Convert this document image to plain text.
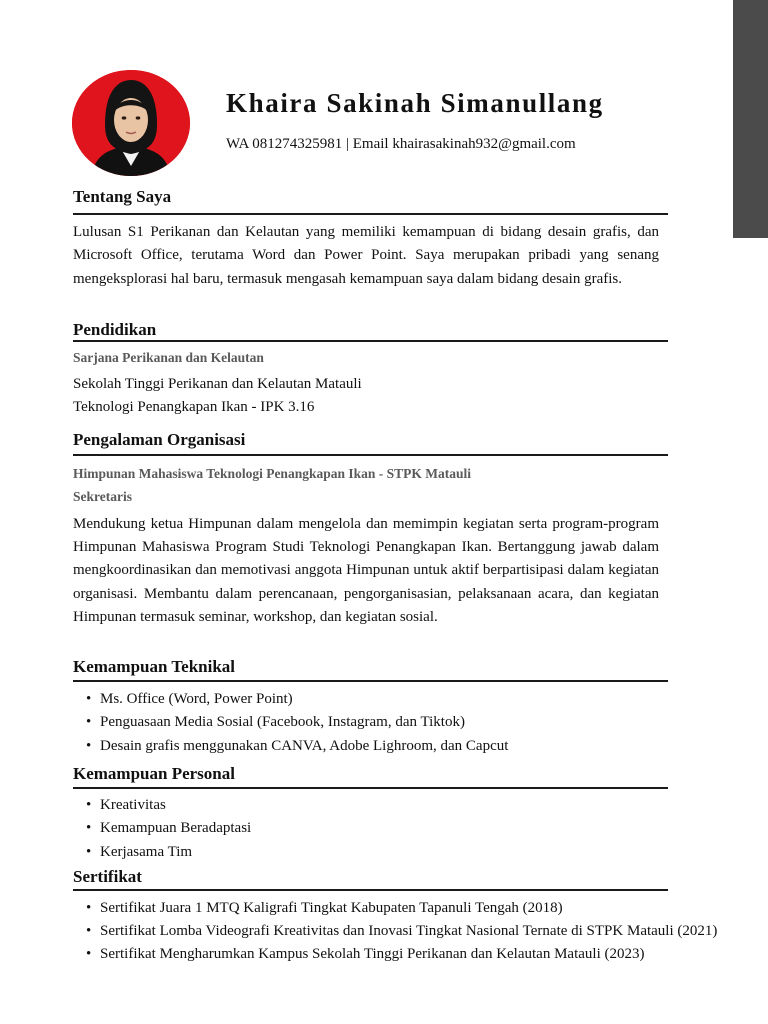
Khaira Sakinah Simanullang
WA 081274325981 | Email khairasakinah932@gmail.com
Tentang Saya
Lulusan S1 Perikanan dan Kelautan yang memiliki kemampuan di bidang desain grafis, dan Microsoft Office, terutama Word dan Power Point. Saya merupakan pribadi yang senang mengeksplorasi hal baru, termasuk mengasah kemampuan saya dalam bidang desain grafis.
Pendidikan
Sarjana Perikanan dan Kelautan
Sekolah Tinggi Perikanan dan Kelautan Matauli
Teknologi Penangkapan Ikan - IPK 3.16
Pengalaman Organisasi
Himpunan Mahasiswa Teknologi Penangkapan Ikan - STPK Matauli
Sekretaris
Mendukung ketua Himpunan dalam mengelola dan memimpin kegiatan serta program-program Himpunan Mahasiswa Program Studi Teknologi Penangkapan Ikan. Bertanggung jawab dalam mengkoordinasikan dan memotivasi anggota Himpunan untuk aktif berpartisipasi dalam kegiatan organisasi. Membantu dalam perencanaan, pengorganisasian, pelaksanaan acara, dan kegiatan Himpunan termasuk seminar, workshop, dan kegiatan sosial.
Kemampuan Teknikal
• Ms. Office (Word, Power Point)
• Penguasaan Media Sosial (Facebook, Instagram, dan Tiktok)
• Desain grafis menggunakan CANVA, Adobe Lighroom, dan Capcut
Kemampuan Personal
• Kreativitas
• Kemampuan Beradaptasi
• Kerjasama Tim
Sertifikat
• Sertifikat Juara 1 MTQ Kaligrafi Tingkat Kabupaten Tapanuli Tengah (2018)
• Sertifikat Lomba Videografi Kreativitas dan Inovasi Tingkat Nasional Ternate di STPK Matauli (2021)
• Sertifikat Mengharumkan Kampus Sekolah Tinggi Perikanan dan Kelautan Matauli (2023)
